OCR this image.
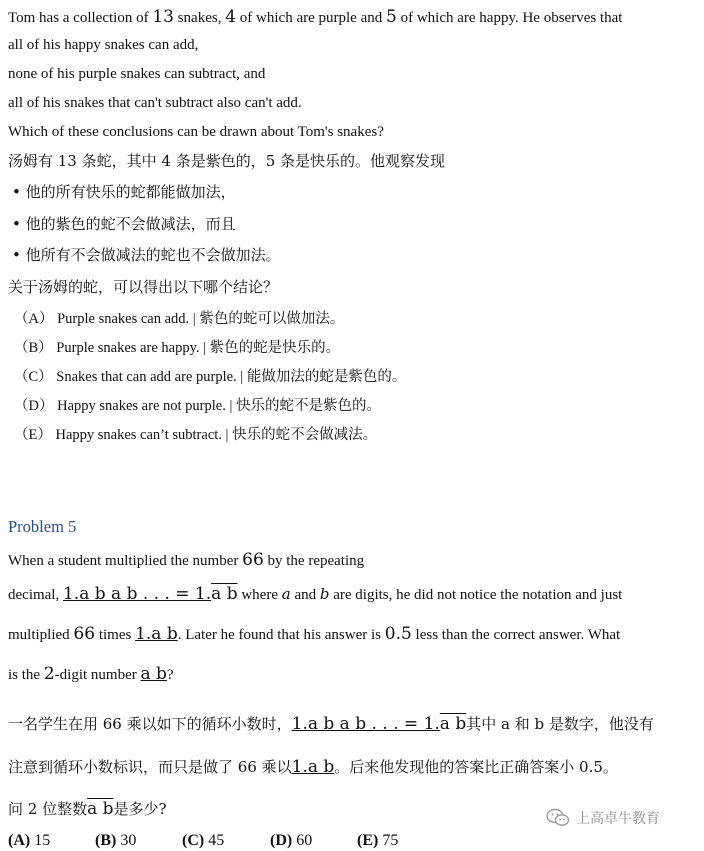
Tom has a collection of 13 snakes, 4 of which are purple and 5 of which are happy. He observes that
all of his happy snakes can add,
none of his purple snakes can subtract, and
all of his snakes that can't subtract also can't add.
Which of these conclusions can be drawn about Tom's snakes?
汤姆有 13 条蛇，其中 4 条是紫色的，5 条是快乐的。他观察发现
• 他的所有快乐的蛇都能做加法，
• 他的紫色的蛇不会做减法，而且
• 他所有不会做减法的蛇也不会做加法。
关于汤姆的蛇，可以得出以下哪个结论？
（A） Purple snakes can add. | 紫色的蛇可以做加法。
（B） Purple snakes are happy. | 紫色的蛇是快乐的。
（C） Snakes that can add are purple. | 能做加法的蛇是紫色的。
（D） Happy snakes are not purple. | 快乐的蛇不是紫色的。
（E） Happy snakes can’t subtract. | 快乐的蛇不会做减法。
Problem 5
When a student multiplied the number 66 by the repeating
decimal, 1.a b a b . . . = 1.a b where a and b are digits, he did not notice the notation and just
multiplied 66 times 1.a b. Later he found that his answer is 0.5 less than the correct answer. What
is the 2-digit number a b?
一名学生在用 66 乘以如下的循环小数时，1.a b a b . . . = 1.a b其中 a 和 b 是数字，他没有
注意到循环小数标识，而只是做了 66 乘以1.a b。后来他发现他的答案比正确答案小 0.5。
问 2 位整数a b是多少?
(A) 15	(B) 30	(C) 45	(D) 60	(E) 75
上高卓牛教育
